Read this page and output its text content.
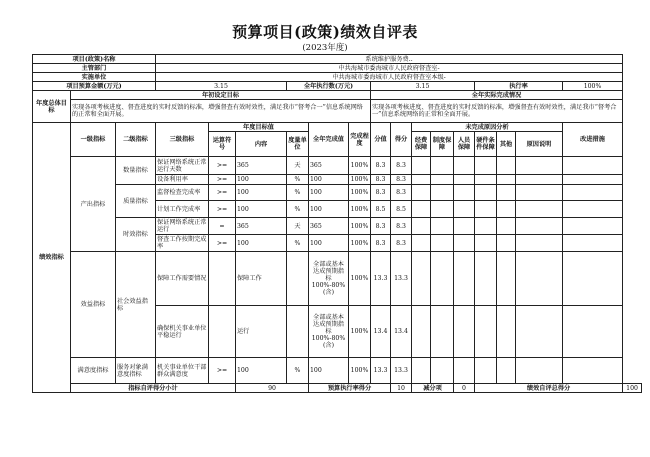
预算项目(政策)绩效自评表
(2023年度)
项目(政策)名称			系统维护服务费..															
主管部门			中共海城市委海城市人民政府督查室-															
实施单位			中共海城市委海城市人民政府督查室本级-															
项目预算金额(万元)			3.15			全年执行数(万元)			3.15					执行率			100%	
年度总体目标	年初设定目标								全年实际完成情况									
	实现各项考核进度、督查进度的实时反馈的标准，增强督查有效时效性，满足我市“督考合一”信息系统网络的正常和全面开展。								实现各项考核进度、督查进度的实时反馈的标准，增强督查有效时效性，满足我市“督考合一”信息系统网络的正常和全面开展。									
绩效指标	一级指标	二级指标	三级指标	年度目标值			全年完成值	完成程度	分值	得分	未完成原因分析						改进措施	
				运算符号	内容	度量单位					经费保障	制度保障	人员保障	硬件条件保障	其他	原因说明		
	产出指标	数量指标	保证网络系统正常运行天数	>=	365	天	365	100%	8.3	8.3								
			设备利用率	>=	100	%	100	100%	8.3	8.3								
		质量指标	监督检查完成率	>=	100	%	100	100%	8.3	8.3								
			计划工作完成率	>=	100	%	100	100%	8.5	8.5								
		时效指标	保证网络系统正常运行	=	365	天	365	100%	8.3	8.3								
			督查工作按期完成率	>=	100	%	100	100%	8.3	8.3								
	效益指标	社会效益指标	保障工作需要情况		保障工作		全部或基本达成预期指标100%-80%(含)	100%	13.3	13.3								
			确保机关事业单位平稳运行		运行		全部或基本达成预期指标100%-80%(含)	100%	13.4	13.4								
	满意度指标	服务对象满意度指标	机关事业单位干部群众满意度	>=	100	%	100	100%	13.3	13.3								
	指标自评得分小计				90		预算执行率得分			10	减分项		0	绩效自评总得分				100
